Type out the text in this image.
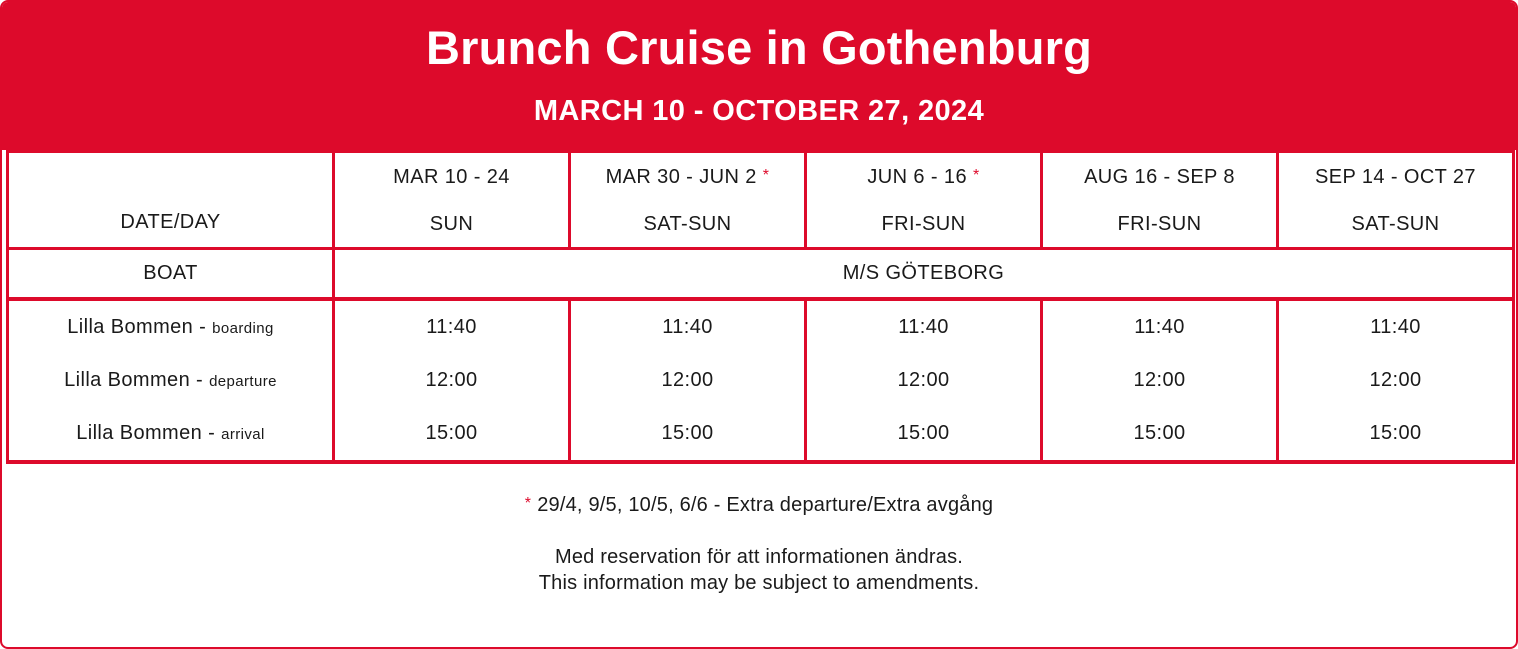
Brunch Cruise in Gothenburg
MARCH 10 - OCTOBER 27, 2024
DATE/DAY	MAR 10 - 24	MAR 30 - JUN 2 *	JUN 6 - 16 *	AUG 16 - SEP 8	SEP 14 - OCT 27
	SUN	SAT-SUN	FRI-SUN	FRI-SUN	SAT-SUN
BOAT	M/S GÖTEBORG				
Lilla Bommen - boarding	11:40	11:40	11:40	11:40	11:40
Lilla Bommen - departure	12:00	12:00	12:00	12:00	12:00
Lilla Bommen - arrival	15:00	15:00	15:00	15:00	15:00

* 29/4, 9/5, 10/5, 6/6 - Extra departure/Extra avgång

Med reservation för att informationen ändras.

This information may be subject to amendments.
